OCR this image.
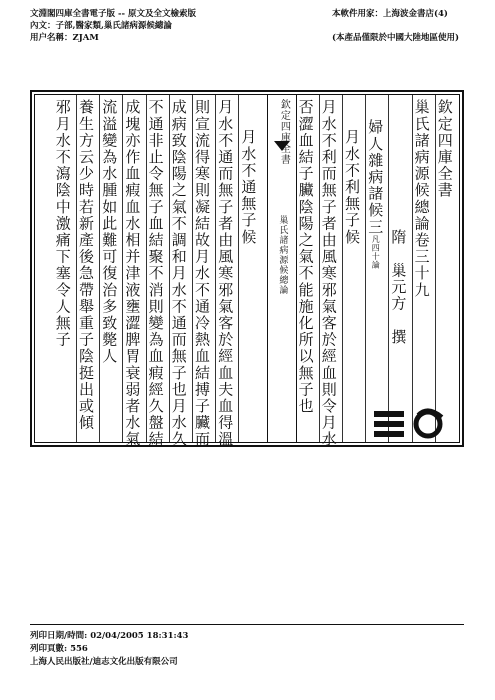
文淵閣四庫全書電子版 -- 原文及全文檢索版
內文：子部,醫家類,巢氏諸病源候總論
用户名稱：ZJAM
本軟件用家：上海波金書店(4)
(本產品僅限於中國大陸地區使用)
欽定四庫全書
巢氏諸病源候總論卷三十九
隋　巢元方　撰
婦人雜病諸候三凡四十論
月水不利無子候
月水不利而無子者由風寒邪氣客於經血則令月水
否澀血結子臟陰陽之氣不能施化所以無子也
欽定四庫全書
巢氏諸病源候總論
月水不通無子候
月水不通而無子者由風寒邪氣客於經血夫血得溫
則宣流得寒則凝結故月水不通冷熱血結搏子臟而
成病致陰陽之氣不調和月水不通而無子也月水久
不通非止令無子血結聚不消則變為血瘕經久盤結
成塊亦作血瘕血水相并津液壅澀脾胃衰弱者水氣
流溢變為水腫如此難可復治多致斃人
養生方云少時若新產後急帶舉重子陰挺出或傾
邪月水不瀉陰中激痛下塞令人無子
列印日期/時間: 02/04/2005 18:31:43
列印頁數: 556
上海人民出版社/迪志文化出版有限公司
